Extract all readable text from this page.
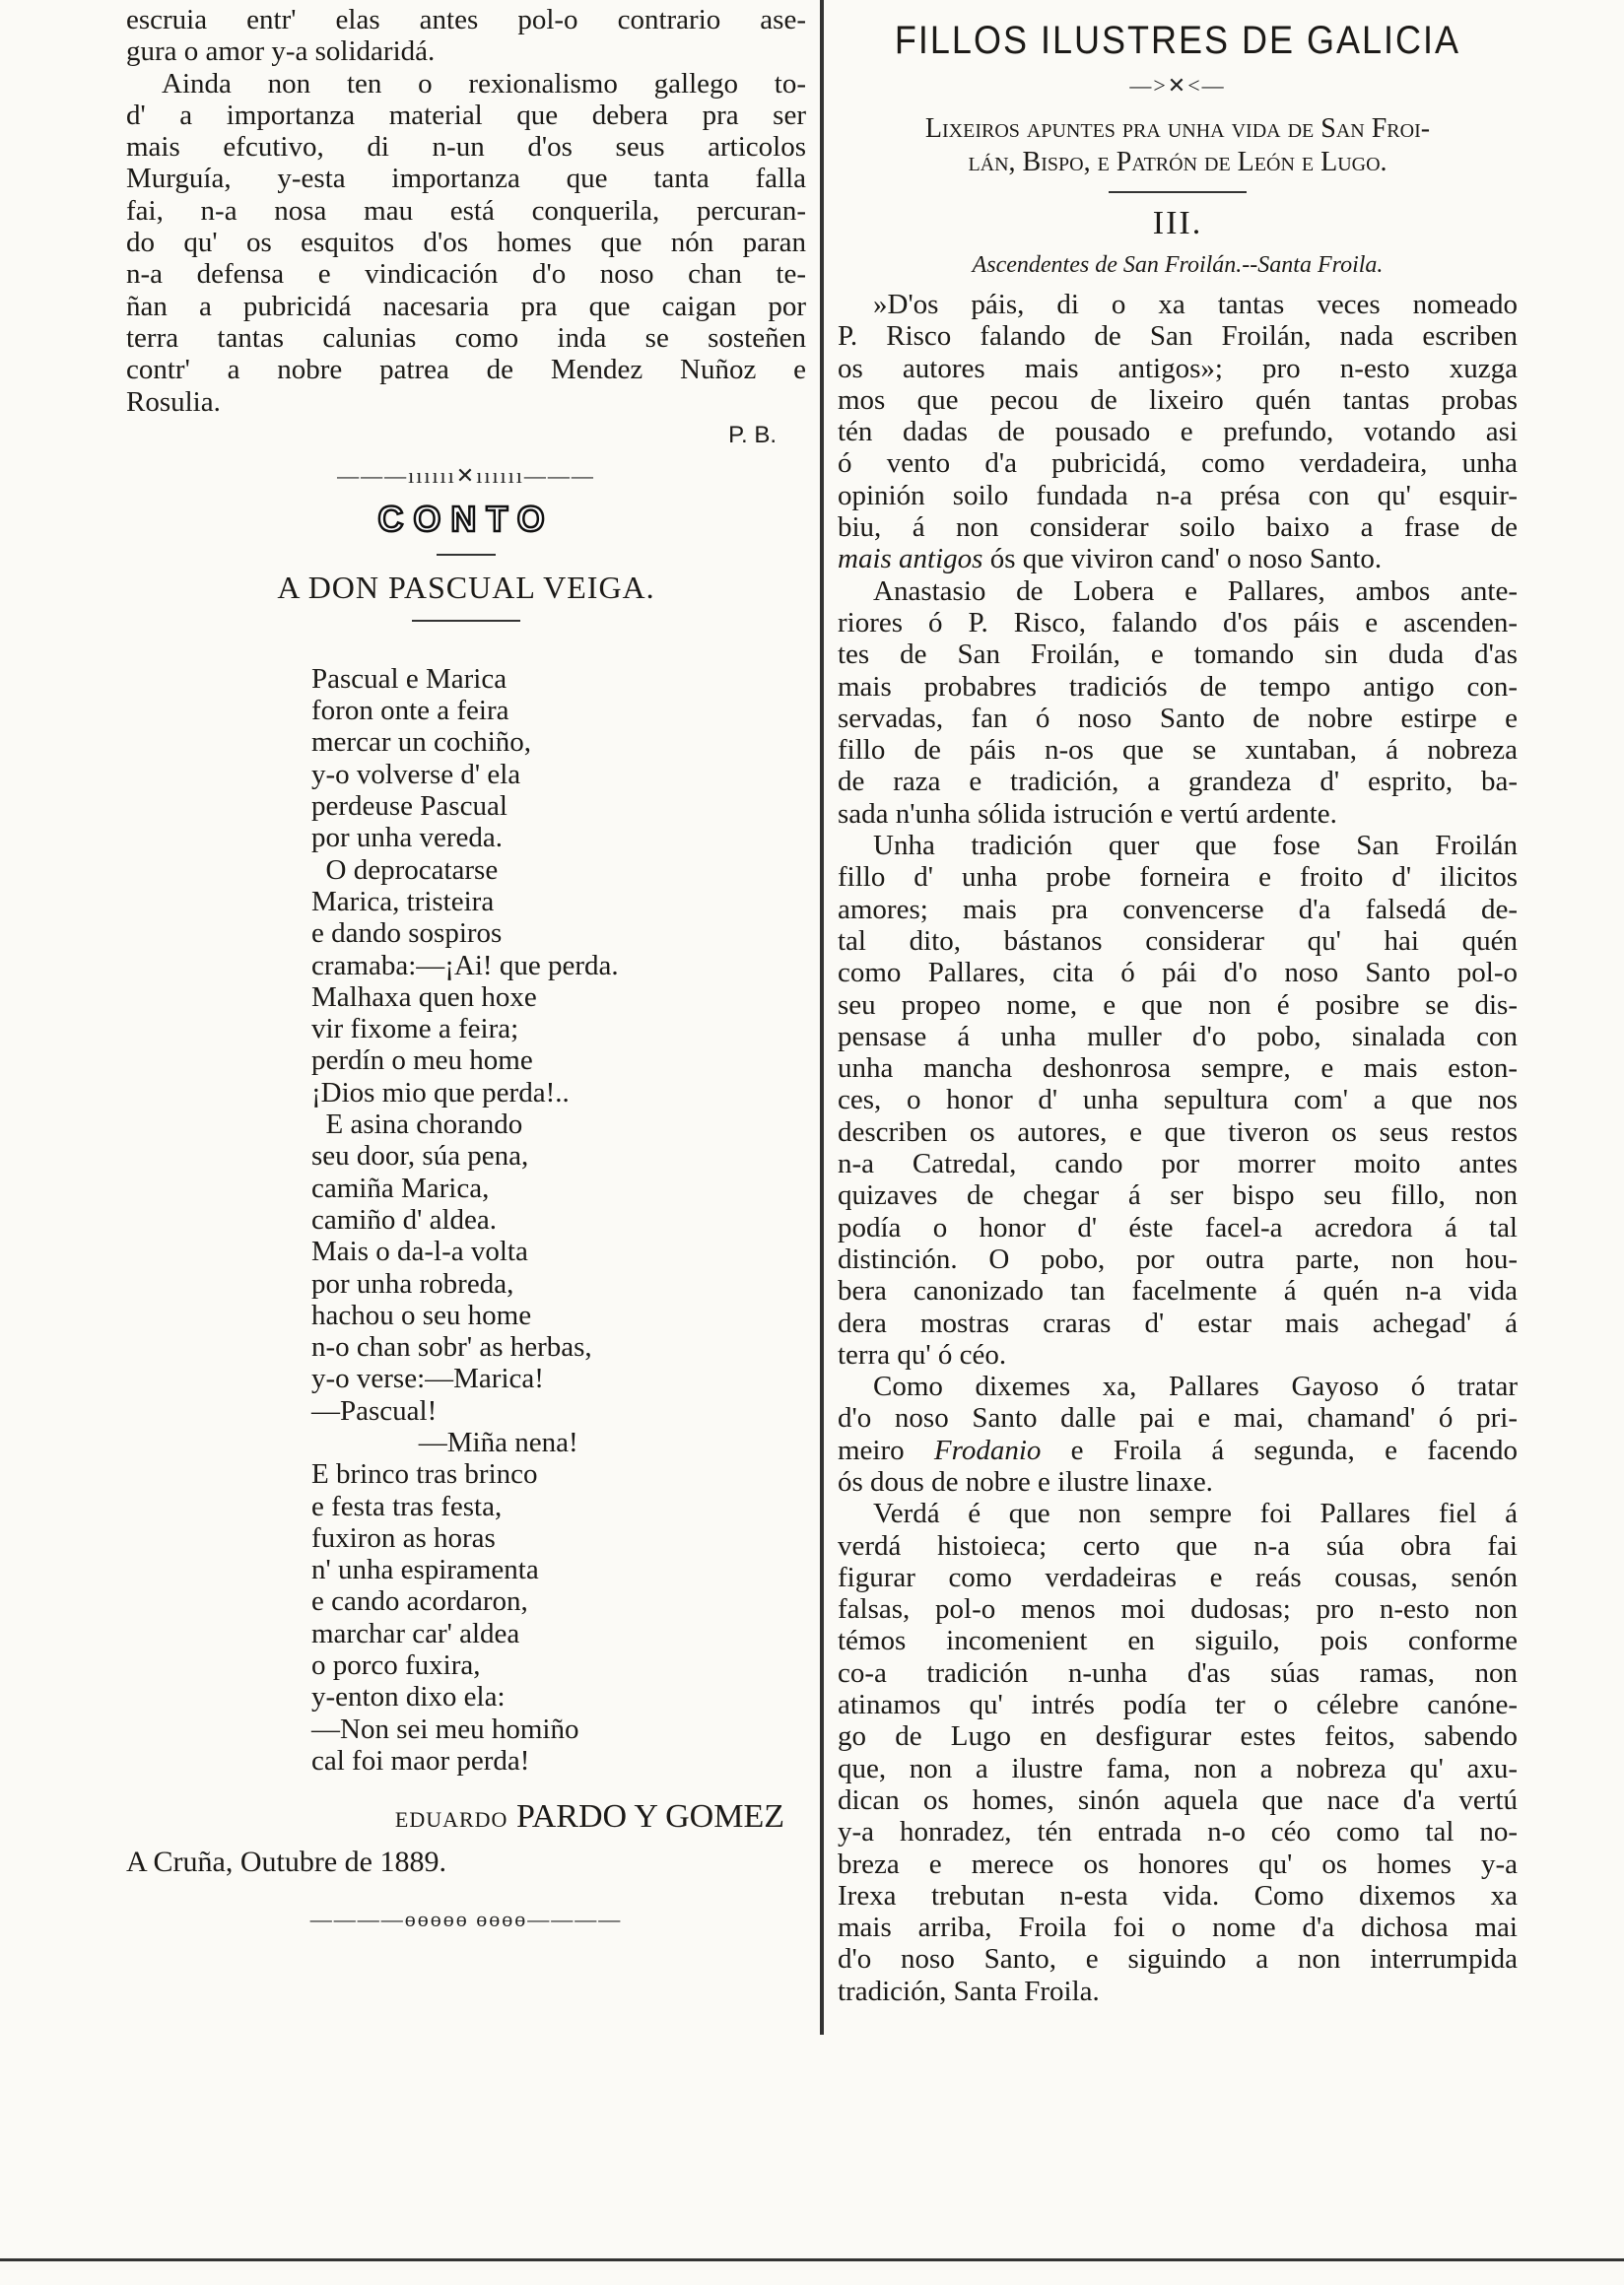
escruia entr' elas antes pol-o contrario ase-
gura o amor y-a solidaridá.
Ainda non ten o rexionalismo gallego to-
d' a importanza material que debera pra ser
mais efcutivo, di n-un d'os seus articolos
Murguía, y-esta importanza que tanta falla
fai, n-a nosa mau está conquerila, percuran-
do qu' os esquitos d'os homes que nón paran
n-a defensa e vindicación d'o noso chan te-
ñan a pubricidá nacesaria pra que caigan por
terra tantas calunias como inda se sosteñen
contr' a nobre patrea de Mendez Nuñoz e
Rosulia.
P. B.
———ıııııı✕ıııııı———
CONTO
A DON PASCUAL VEIGA.
Pascual e Marica
foron onte a feira
mercar un cochiño,
y-o volverse d' ela
perdeuse Pascual
por unha vereda.
O deprocatarse
Marica, tristeira
e dando sospiros
cramaba:—¡Ai! que perda.
Malhaxa quen hoxe
vir fixome a feira;
perdín o meu home
¡Dios mio que perda!..
E asina chorando
seu door, súa pena,
camiña Marica,
camiño d' aldea.
Mais o da-l-a volta
por unha robreda,
hachou o seu home
n-o chan sobr' as herbas,
y-o verse:—Marica!
—Pascual!
—Miña nena!
E brinco tras brinco
e festa tras festa,
fuxiron as horas
n' unha espiramenta
e cando acordaron,
marchar car' aldea
o porco fuxira,
y-enton dixo ela:
—Non sei meu homiño
cal foi maor perda!
EDUARDO PARDO Y GOMEZ
A Cruña, Outubre de 1889.
————ɵɵɵɵɵ ɵɵɵɵ————
FILLOS ILUSTRES DE GALICIA
—>✕<—
Lixeiros apuntes pra unha vida de San Froi-
lán, Bispo, e Patrón de León e Lugo.
III.
Ascendentes de San Froilán.--Santa Froila.
»D'os páis, di o xa tantas veces nomeado
P. Risco falando de San Froilán, nada escriben
os autores mais antigos»; pro n-esto xuzga
mos que pecou de lixeiro quén tantas probas
tén dadas de pousado e prefundo, votando asi
ó vento d'a pubricidá, como verdadeira, unha
opinión soilo fundada n-a présa con qu' esquir-
biu, á non considerar soilo baixo a frase de
mais antigos ós que viviron cand' o noso Santo.
Anastasio de Lobera e Pallares, ambos ante-
riores ó P. Risco, falando d'os páis e ascenden-
tes de San Froilán, e tomando sin duda d'as
mais probabres tradiciós de tempo antigo con-
servadas, fan ó noso Santo de nobre estirpe e
fillo de páis n-os que se xuntaban, á nobreza
de raza e tradición, a grandeza d' esprito, ba-
sada n'unha sólida istrución e vertú ardente.
Unha tradición quer que fose San Froilán
fillo d' unha probe forneira e froito d' ilicitos
amores; mais pra convencerse d'a falsedá de-
tal dito, bástanos considerar qu' hai quén
como Pallares, cita ó pái d'o noso Santo pol-o
seu propeo nome, e que non é posibre se dis-
pensase á unha muller d'o pobo, sinalada con
unha mancha deshonrosa sempre, e mais eston-
ces, o honor d' unha sepultura com' a que nos
describen os autores, e que tiveron os seus restos
n-a Catredal, cando por morrer moito antes
quizaves de chegar á ser bispo seu fillo, non
podía o honor d' éste facel-a acredora á tal
distinción. O pobo, por outra parte, non hou-
bera canonizado tan facelmente á quén n-a vida
dera mostras craras d' estar mais achegad' á
terra qu' ó céo.
Como dixemes xa, Pallares Gayoso ó tratar
d'o noso Santo dalle pai e mai, chamand' ó pri-
meiro Frodanio e Froila á segunda, e facendo
ós dous de nobre e ilustre linaxe.
Verdá é que non sempre foi Pallares fiel á
verdá histoieca; certo que n-a súa obra fai
figurar como verdadeiras e reás cousas, senón
falsas, pol-o menos moi dudosas; pro n-esto non
témos incomenient en siguilo, pois conforme
co-a tradición n-unha d'as súas ramas, non
atinamos qu' intrés podía ter o célebre canóne-
go de Lugo en desfigurar estes feitos, sabendo
que, non a ilustre fama, non a nobreza qu' axu-
dican os homes, sinón aquela que nace d'a vertú
y-a honradez, tén entrada n-o céo como tal no-
breza e merece os honores qu' os homes y-a
Irexa trebutan n-esta vida. Como dixemos xa
mais arriba, Froila foi o nome d'a dichosa mai
d'o noso Santo, e siguindo a non interrumpida
tradición, Santa Froila.
